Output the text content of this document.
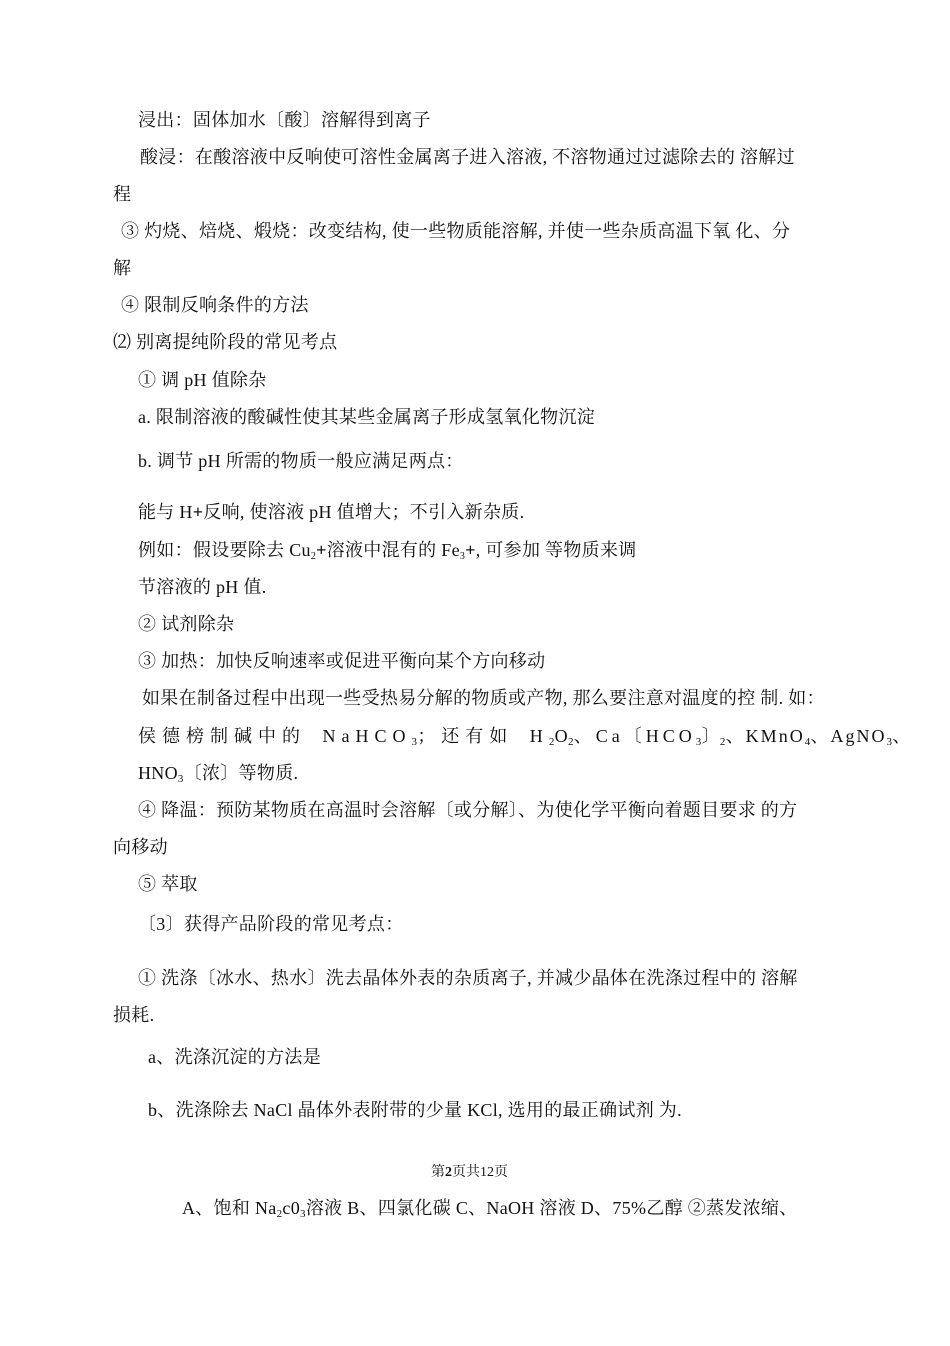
浸出：固体加水〔酸〕溶解得到离子
酸浸：在酸溶液中反响使可溶性金属离子进入溶液, 不溶物通过过滤除去的 溶解过
程
③ 灼烧、焙烧、煅烧：改变结构, 使一些物质能溶解, 并使一些杂质高温下氧 化、分
解
④ 限制反响条件的方法
⑵ 别离提纯阶段的常见考点
① 调 pH 值除杂
a. 限制溶液的酸碱性使其某些金属离子形成氢氧化物沉淀
b. 调节 pH 所需的物质一般应满足两点：
能与 H+反响, 使溶液 pH 值增大；不引入新杂质.
例如：假设要除去 Cu2+溶液中混有的 Fe3+, 可参加 等物质来调
节溶液的 pH 值.
② 试剂除杂
③ 加热：加快反响速率或促进平衡向某个方向移动
如果在制备过程中出现一些受热易分解的物质或产物, 那么要注意对温度的控 制. 如：
侯德榜制碱中的 NaHCO$_3$；还有如 $H_2O_2$、Ca〔$HCO_3$〕$_2$、KMnO$_4$、AgNO$_3$、
$HNO_3$〔浓〕等物质.
④ 降温：预防某物质在高温时会溶解〔或分解〕、为使化学平衡向着题目要求 的方
向移动
⑤ 萃取
〔3〕获得产品阶段的常见考点：
① 洗涤〔冰水、热水〕洗去晶体外表的杂质离子, 并减少晶体在洗涤过程中的 溶解
损耗.
a、洗涤沉淀的方法是
b、洗涤除去 NaCl 晶体外表附带的少量 KCl, 选用的最正确试剂 为.
第2页共12页
A、饱和 $Na_2c0_3$溶液 B、四氯化碳 C、NaOH 溶液 D、75%乙醇 ②蒸发浓缩、
